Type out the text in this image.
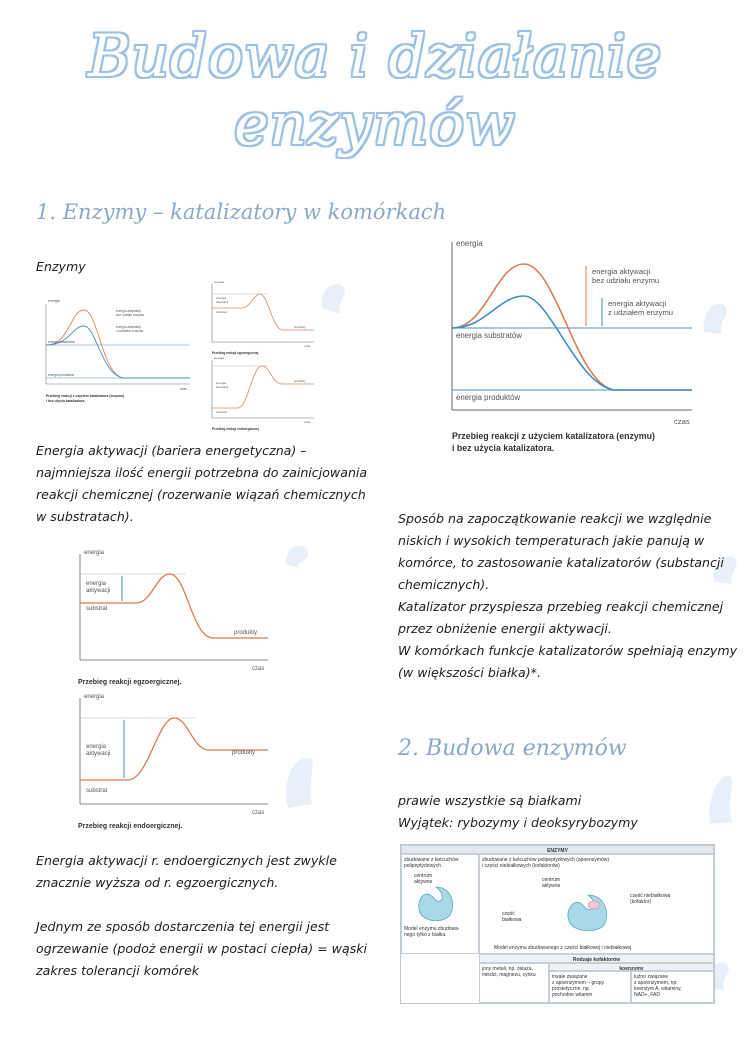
Budowa i działanie enzymów
1. Enzymy – katalizatory w komórkach

Enzymy

energia
energia aktywacji
bez udziału enzymu
energia aktywacji
z udziałem enzymu
energia substratów
energia produktów
czas
Przebieg reakcji z użyciem katalizatora (enzymu)
i bez użycia katalizatora.
energia
energia
aktywacji
substrat
produkty
czas
Przebieg reakcji egzoergicznej.
energia
energia
aktywacji
substrat
produkty
czas
Przebieg reakcji endoergicznej.
energia
energia aktywacji
bez udziału enzymu
energia aktywacji
z udziałem enzymu
energia substratów
energia produktów
czas
Przebieg reakcji z użyciem katalizatora (enzymu)
i bez użycia katalizatora.

Energia aktywacji (bariera energetyczna) –

najmniejsza ilość energii potrzebna do zainicjowania

reakcji chemicznej (rozerwanie wiązań chemicznych

w substratach).	Sposób na zapoczątkowanie reakcji we względnie

niskich i wysokich temperaturach jakie panują w

komórce, to zastosowanie katalizatorów (substancji

chemicznych).

Katalizator przyspiesza przebieg reakcji chemicznej

przez obniżenie energii aktywacji.

W komórkach funkcje katalizatorów spełniają enzymy

(w większości białka)*.

energia
energia
aktywacji
substrat
produkty
czas
Przebieg reakcji egzoergicznej.
energia
energia
aktywacji
substrat
produkty
czas
Przebieg reakcji endoergicznej.
2. Budowa enzymów

prawie wszystkie są białkami

Wyjątek: rybozymy i deoksyrybozymy

Energia aktywacji r. endoergicznych jest zwykle

znacznie wyższa od r. egzoergicznych.

Jednym ze sposób dostarczenia tej energii jest

ogrzewanie (podoż energii w postaci ciepła) = wąski

zakres tolerancji komórek

ENZYMY
zbudowane z łańcuchów
polipeptydowych
centrum
aktywne
Model enzymu zbudowa-
nego tylko z białka.
zbudowane z łańcuchów polipeptydowych (apoenzymów)
i części niebiałkowych (kofaktorów)
centrum
aktywne
część
białkowa
część niebiałkowa
(kofaktor)
Model enzymu zbudowanego z części białkowej i niebiałkowej.
Rodzaje kofaktorów
jony metali, np. żelaza,
miedzi, magnezu, cynku
koenzymy
trwale związane
z apoenzymem – grupy
prostetyczne, np.
pochodne witamin
luźno związane
z apoenzymem, np.
koenzym A, witaminy,
NAD+, FAD
